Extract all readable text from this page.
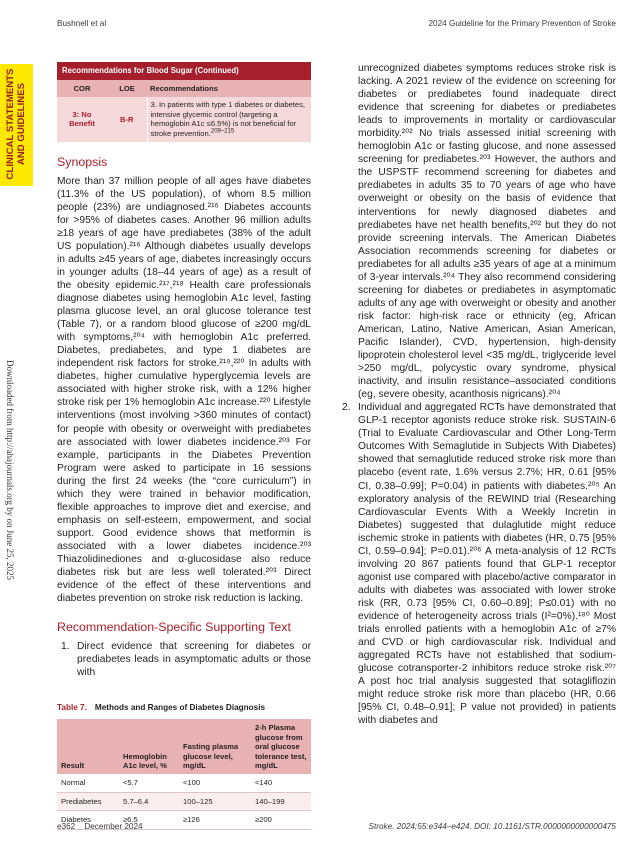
Bushnell et al	2024 Guideline for the Primary Prevention of Stroke
CLINICAL STATEMENTS
AND GUIDELINES
Downloaded from http://ahajournals.org by on June 25, 2025
Recommendations for Blood Sugar (Continued)		
COR	LOE	Recommendations
3: No Benefit	B-R	3. In patients with type 1 diabetes or diabetes, intensive glycemic control (targeting a hemoglobin A1c ≤6.5%) is not beneficial for stroke prevention.$^{209-215}$
Synopsis

More than 37 million people of all ages have diabetes (11.3% of the US population), of whom 8.5 million people (23%) are undiagnosed.²¹⁶ Diabetes accounts for >95% of diabetes cases. Another 96 million adults ≥18 years of age have prediabetes (38% of the adult US population).²¹⁶ Although diabetes usually develops in adults ≥45 years of age, diabetes increasingly occurs in younger adults (18–44 years of age) as a result of the obesity epidemic.²¹⁷,²¹⁸ Health care professionals diagnose diabetes using hemoglobin A1c level, fasting plasma glucose level, an oral glucose tolerance test (Table 7), or a random blood glucose of ≥200 mg/dL with symptoms,²⁰⁴ with hemoglobin A1c preferred. Diabetes, prediabetes, and type 1 diabetes are independent risk factors for stroke.²¹⁹,²²⁰ In adults with diabetes, higher cumulative hyperglycemia levels are associated with higher stroke risk, with a 12% higher stroke risk per 1% hemoglobin A1c increase.²²⁰ Lifestyle interventions (most involving >360 minutes of contact) for people with obesity or overweight with prediabetes are associated with lower diabetes incidence.²⁰³ For example, participants in the Diabetes Prevention Program were asked to participate in 16 sessions during the first 24 weeks (the “core curriculum”) in which they were trained in behavior modification, flexible approaches to improve diet and exercise, and emphasis on self-esteem, empowerment, and social support. Good evidence shows that metformin is associated with a lower diabetes incidence.²⁰³ Thiazolidinediones and α-glucosidase also reduce diabetes risk but are less well tolerated.²⁰³ Direct evidence of the effect of these interventions and diabetes prevention on stroke risk reduction is lacking.

Recommendation-Specific Supporting Text
1. Direct evidence that screening for diabetes or prediabetes leads in asymptomatic adults or those with

Table 7. Methods and Ranges of Diabetes Diagnosis
Result	Hemoglobin A1c level, %	Fasting plasma glucose level, mg/dL	2-h Plasma glucose from oral glucose tolerance test, mg/dL
Normal	<5.7	<100	<140
Prediabetes	5.7–6.4	100–125	140–199
Diabetes	≥6.5	≥126	≥200

unrecognized diabetes symptoms reduces stroke risk is lacking. A 2021 review of the evidence on screening for diabetes or prediabetes found inadequate direct evidence that screening for diabetes or prediabetes leads to improvements in mortality or cardiovascular morbidity.²⁰² No trials assessed initial screening with hemoglobin A1c or fasting glucose, and none assessed screening for prediabetes.²⁰³ However, the authors and the USPSTF recommend screening for diabetes and prediabetes in adults 35 to 70 years of age who have overweight or obesity on the basis of evidence that interventions for newly diagnosed diabetes and prediabetes have net health benefits,²⁰² but they do not provide screening intervals. The American Diabetes Association recommends screening for diabetes or prediabetes for all adults ≥35 years of age at a minimum of 3-year intervals.²⁰⁴ They also recommend considering screening for diabetes or prediabetes in asymptomatic adults of any age with overweight or obesity and another risk factor: high-risk race or ethnicity (eg, African American, Latino, Native American, Asian American, Pacific Islander), CVD, hypertension, high-density lipoprotein cholesterol level <35 mg/dL, triglyceride level >250 mg/dL, polycystic ovary syndrome, physical inactivity, and insulin resistance–associated conditions (eg, severe obesity, acanthosis nigricans).²⁰⁴

2. Individual and aggregated RCTs have demonstrated that GLP-1 receptor agonists reduce stroke risk. SUSTAIN-6 (Trial to Evaluate Cardiovascular and Other Long-Term Outcomes With Semaglutide in Subjects With Diabetes) showed that semaglutide reduced stroke risk more than placebo (event rate, 1.6% versus 2.7%; HR, 0.61 [95% CI, 0.38–0.99]; P=0.04) in patients with diabetes.²⁰⁵ An exploratory analysis of the REWIND trial (Researching Cardiovascular Events With a Weekly Incretin in Diabetes) suggested that dulaglutide might reduce ischemic stroke in patients with diabetes (HR, 0.75 [95% CI, 0.59–0.94]; P=0.01).²⁰⁶ A meta-analysis of 12 RCTs involving 20 867 patients found that GLP-1 receptor agonist use compared with placebo/active comparator in adults with diabetes was associated with lower stroke risk (RR, 0.73 [95% CI, 0.60–0.89]; P≤0.01) with no evidence of heterogeneity across trials (I²=0%).¹⁸⁰ Most trials enrolled patients with a hemoglobin A1c of ≥7% and CVD or high cardiovascular risk. Individual and aggregated RCTs have not established that sodium-glucose cotransporter-2 inhibitors reduce stroke risk.²⁰⁷ A post hoc trial analysis suggested that sotagliflozin might reduce stroke risk more than placebo (HR, 0.66 [95% CI, 0.48–0.91]; P value not provided) in patients with diabetes and

e362    December 2024	Stroke. 2024;55:e344–e424. DOI: 10.1161/STR.0000000000000475
